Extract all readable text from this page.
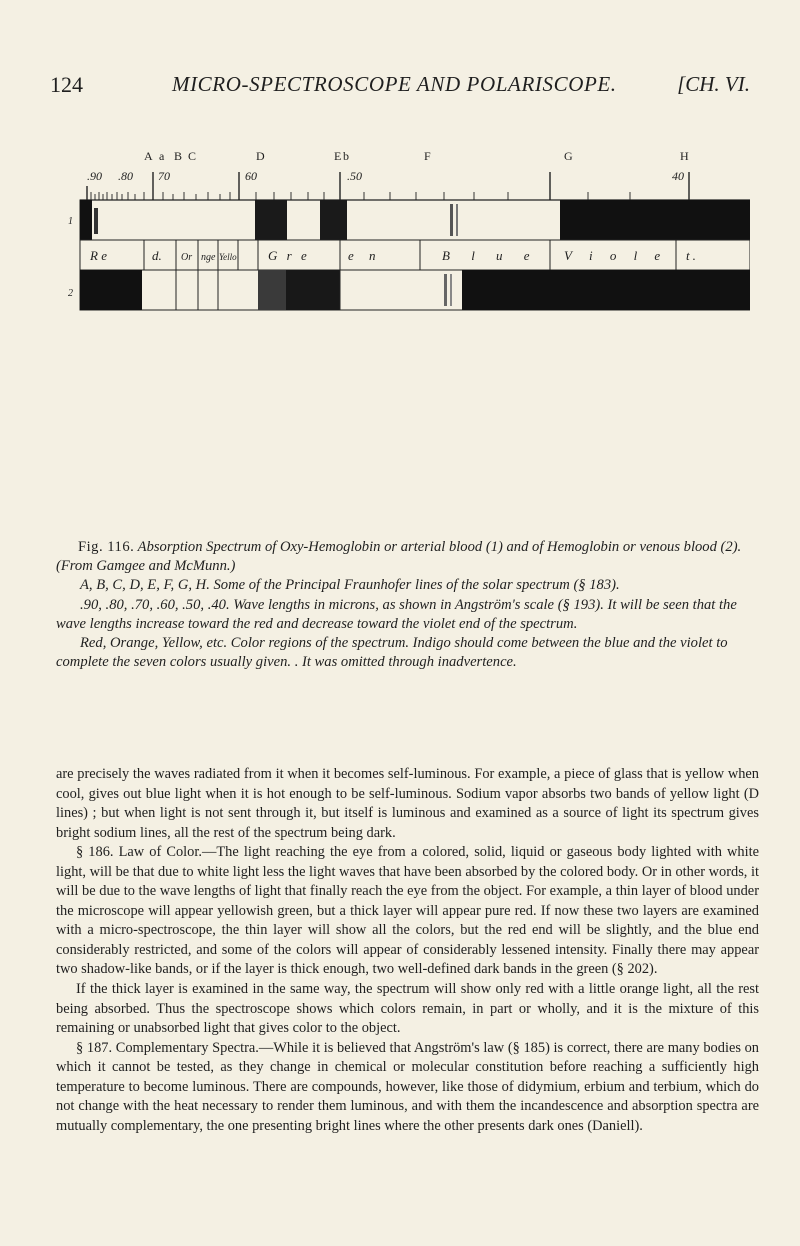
124	MICRO-SPECTROSCOPE AND POLARISCOPE.	[CH. VI.
A a B C	D	E b	F	G	H
.90 .80 70	60	.50	40
1
R e	d. Or nge Yello G r e	e n	B l u e V i o l e t.
2

Fig. 116. Absorption Spectrum of Oxy-Hemoglobin or arterial blood (1) and of Hemoglobin or venous blood (2). (From Gamgee and McMunn.)

A, B, C, D, E, F, G, H. Some of the Principal Fraunhofer lines of the solar spectrum (§ 183).

.90, .80, .70, .60, .50, .40. Wave lengths in microns, as shown in Angström's scale (§ 193). It will be seen that the wave lengths increase toward the red and decrease toward the violet end of the spectrum.

Red, Orange, Yellow, etc. Color regions of the spectrum. Indigo should come between the blue and the violet to complete the seven colors usually given. . It was omitted through inadvertence.

are precisely the waves radiated from it when it becomes self-luminous. For example, a piece of glass that is yellow when cool, gives out blue light when it is hot enough to be self-luminous. Sodium vapor absorbs two bands of yellow light (D lines) ; but when light is not sent through it, but itself is luminous and examined as a source of light its spectrum gives bright sodium lines, all the rest of the spectrum being dark.

§ 186. Law of Color.—The light reaching the eye from a colored, solid, liquid or gaseous body lighted with white light, will be that due to white light less the light waves that have been absorbed by the colored body. Or in other words, it will be due to the wave lengths of light that finally reach the eye from the object. For example, a thin layer of blood under the microscope will appear yellowish green, but a thick layer will appear pure red. If now these two layers are examined with a micro-spectroscope, the thin layer will show all the colors, but the red end will be slightly, and the blue end considerably restricted, and some of the colors will appear of considerably lessened intensity. Finally there may appear two shadow-like bands, or if the layer is thick enough, two well-defined dark bands in the green (§ 202).

If the thick layer is examined in the same way, the spectrum will show only red with a little orange light, all the rest being absorbed. Thus the spectroscope shows which colors remain, in part or wholly, and it is the mixture of this remaining or unabsorbed light that gives color to the object.

§ 187. Complementary Spectra.—While it is believed that Angström's law (§ 185) is correct, there are many bodies on which it cannot be tested, as they change in chemical or molecular constitution before reaching a sufficiently high temperature to become luminous. There are compounds, however, like those of didymium, erbium and terbium, which do not change with the heat necessary to render them luminous, and with them the incandescence and absorption spectra are mutually complementary, the one presenting bright lines where the other presents dark ones (Daniell).
